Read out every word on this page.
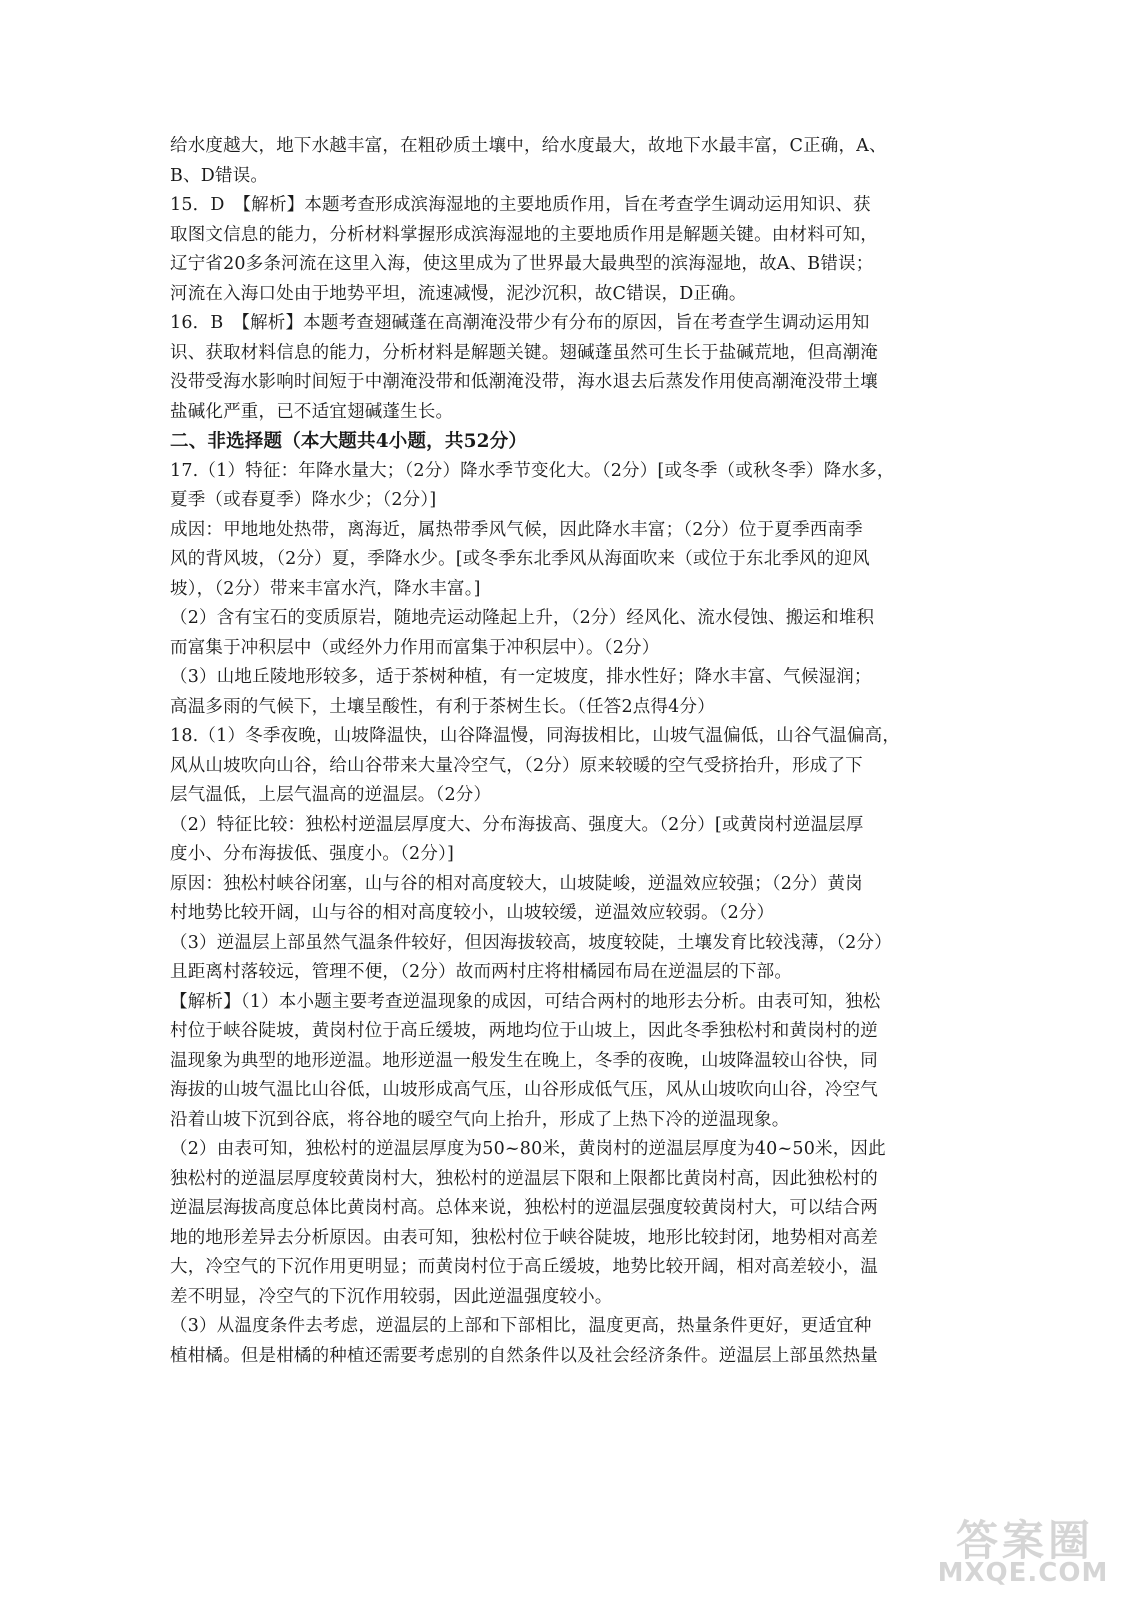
给水度越大，地下水越丰富，在粗砂质土壤中，给水度最大，故地下水最丰富，C正确，A、
B、D错误。
15．D　【解析】本题考查形成滨海湿地的主要地质作用，旨在考查学生调动运用知识、获
取图文信息的能力，分析材料掌握形成滨海湿地的主要地质作用是解题关键。由材料可知，
辽宁省20多条河流在这里入海，使这里成为了世界最大最典型的滨海湿地，故A、B错误；
河流在入海口处由于地势平坦，流速减慢，泥沙沉积，故C错误，D正确。
16．B　【解析】本题考查翅碱蓬在高潮淹没带少有分布的原因，旨在考查学生调动运用知
识、获取材料信息的能力，分析材料是解题关键。翅碱蓬虽然可生长于盐碱荒地，但高潮淹
没带受海水影响时间短于中潮淹没带和低潮淹没带，海水退去后蒸发作用使高潮淹没带土壤
盐碱化严重，已不适宜翅碱蓬生长。
二、非选择题（本大题共4小题，共52分）
17.（1）特征：年降水量大；（2分）降水季节变化大。（2分）[或冬季（或秋冬季）降水多，
夏季（或春夏季）降水少；（2分）]
成因：甲地地处热带，离海近，属热带季风气候，因此降水丰富；（2分）位于夏季西南季
风的背风坡，（2分）夏，季降水少。[或冬季东北季风从海面吹来（或位于东北季风的迎风
坡），（2分）带来丰富水汽，降水丰富。]
（2）含有宝石的变质原岩，随地壳运动隆起上升，（2分）经风化、流水侵蚀、搬运和堆积
而富集于冲积层中（或经外力作用而富集于冲积层中）。（2分）
（3）山地丘陵地形较多，适于茶树种植，有一定坡度，排水性好；降水丰富、气候湿润；
高温多雨的气候下，土壤呈酸性，有利于茶树生长。（任答2点得4分）
18.（1）冬季夜晚，山坡降温快，山谷降温慢，同海拔相比，山坡气温偏低，山谷气温偏高，
风从山坡吹向山谷，给山谷带来大量冷空气，（2分）原来较暖的空气受挤抬升，形成了下
层气温低，上层气温高的逆温层。（2分）
（2）特征比较：独松村逆温层厚度大、分布海拔高、强度大。（2分）[或黄岗村逆温层厚
度小、分布海拔低、强度小。（2分）]
原因：独松村峡谷闭塞，山与谷的相对高度较大，山坡陡峻，逆温效应较强；（2分）黄岗
村地势比较开阔，山与谷的相对高度较小，山坡较缓，逆温效应较弱。（2分）
（3）逆温层上部虽然气温条件较好，但因海拔较高，坡度较陡，土壤发育比较浅薄，（2分）
且距离村落较远，管理不便，（2分）故而两村庄将柑橘园布局在逆温层的下部。
【解析】（1）本小题主要考查逆温现象的成因，可结合两村的地形去分析。由表可知，独松
村位于峡谷陡坡，黄岗村位于高丘缓坡，两地均位于山坡上，因此冬季独松村和黄岗村的逆
温现象为典型的地形逆温。地形逆温一般发生在晚上，冬季的夜晚，山坡降温较山谷快，同
海拔的山坡气温比山谷低，山坡形成高气压，山谷形成低气压，风从山坡吹向山谷，冷空气
沿着山坡下沉到谷底，将谷地的暖空气向上抬升，形成了上热下冷的逆温现象。
（2）由表可知，独松村的逆温层厚度为50~80米，黄岗村的逆温层厚度为40~50米，因此
独松村的逆温层厚度较黄岗村大，独松村的逆温层下限和上限都比黄岗村高，因此独松村的
逆温层海拔高度总体比黄岗村高。总体来说，独松村的逆温层强度较黄岗村大，可以结合两
地的地形差异去分析原因。由表可知，独松村位于峡谷陡坡，地形比较封闭，地势相对高差
大，冷空气的下沉作用更明显；而黄岗村位于高丘缓坡，地势比较开阔，相对高差较小，温
差不明显，冷空气的下沉作用较弱，因此逆温强度较小。
（3）从温度条件去考虑，逆温层的上部和下部相比，温度更高，热量条件更好，更适宜种
植柑橘。但是柑橘的种植还需要考虑别的自然条件以及社会经济条件。逆温层上部虽然热量
答 案 圈
MXQE.COM
